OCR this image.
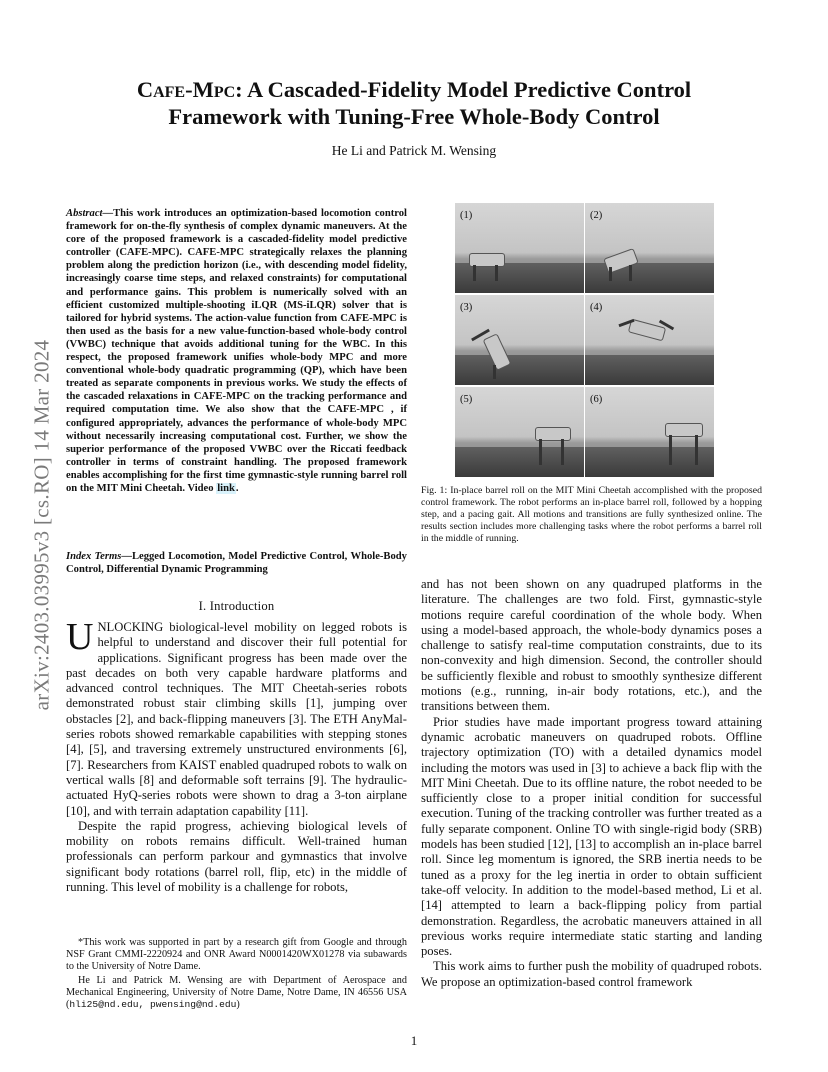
arXiv:2403.03995v3 [cs.RO] 14 Mar 2024
Cafe-Mpc: A Cascaded-Fidelity Model Predictive Control
Framework with Tuning-Free Whole-Body Control
He Li and Patrick M. Wensing
Abstract—This work introduces an optimization-based locomotion control framework for on-the-fly synthesis of complex dynamic maneuvers. At the core of the proposed framework is a cascaded-fidelity model predictive controller (CAFE-MPC). CAFE-MPC strategically relaxes the planning problem along the prediction horizon (i.e., with descending model fidelity, increasingly coarse time steps, and relaxed constraints) for computational and performance gains. This problem is numerically solved with an efficient customized multiple-shooting iLQR (MS-iLQR) solver that is tailored for hybrid systems. The action-value function from CAFE-MPC is then used as the basis for a new value-function-based whole-body control (VWBC) technique that avoids additional tuning for the WBC. In this respect, the proposed framework unifies whole-body MPC and more conventional whole-body quadratic programming (QP), which have been treated as separate components in previous works. We study the effects of the cascaded relaxations in CAFE-MPC on the tracking performance and required computation time. We also show that the CAFE-MPC , if configured appropriately, advances the performance of whole-body MPC without necessarily increasing computational cost. Further, we show the superior performance of the proposed VWBC over the Riccati feedback controller in terms of constraint handling. The proposed framework enables accomplishing for the first time gymnastic-style running barrel roll on the MIT Mini Cheetah. Video link.
Index Terms—Legged Locomotion, Model Predictive Control, Whole-Body Control, Differential Dynamic Programming
I. Introduction

UNLOCKING biological-level mobility on legged robots is helpful to understand and discover their full potential for applications. Significant progress has been made over the past decades on both very capable hardware platforms and advanced control techniques. The MIT Cheetah-series robots demonstrated robust stair climbing skills [1], jumping over obstacles [2], and back-flipping maneuvers [3]. The ETH AnyMal-series robots showed remarkable capabilities with stepping stones [4], [5], and traversing extremely unstructured environments [6], [7]. Researchers from KAIST enabled quadruped robots to walk on vertical walls [8] and deformable soft terrains [9]. The hydraulic-actuated HyQ-series robots were shown to drag a 3-ton airplane [10], and with terrain adaptation capability [11].

Despite the rapid progress, achieving biological levels of mobility on robots remains difficult. Well-trained human professionals can perform parkour and gymnastics that involve significant body rotations (barrel roll, flip, etc) in the middle of running. This level of mobility is a challenge for robots,

*This work was supported in part by a research gift from Google and through NSF Grant CMMI-2220924 and ONR Award N0001420WX01278 via subawards to the University of Notre Dame.

He Li and Patrick M. Wensing are with Department of Aerospace and Mechanical Engineering, University of Notre Dame, Notre Dame, IN 46556 USA (hli25@nd.edu, pwensing@nd.edu)

(1)	(2)
(3)	(4)
(5)	(6)
Fig. 1: In-place barrel roll on the MIT Mini Cheetah accomplished with the proposed control framework. The robot performs an in-place barrel roll, followed by a hopping step, and a pacing gait. All motions and transitions are fully synthesized online. The results section includes more challenging tasks where the robot performs a barrel roll in the middle of running.

and has not been shown on any quadruped platforms in the literature. The challenges are two fold. First, gymnastic-style motions require careful coordination of the whole body. When using a model-based approach, the whole-body dynamics poses a challenge to satisfy real-time computation constraints, due to its non-convexity and high dimension. Second, the controller should be sufficiently flexible and robust to smoothly synthesize different motions (e.g., running, in-air body rotations, etc.), and the transitions between them.

Prior studies have made important progress toward attaining dynamic acrobatic maneuvers on quadruped robots. Offline trajectory optimization (TO) with a detailed dynamics model including the motors was used in [3] to achieve a back flip with the MIT Mini Cheetah. Due to its offline nature, the robot needed to be sufficiently close to a proper initial condition for successful execution. Tuning of the tracking controller was further treated as a fully separate component. Online TO with single-rigid body (SRB) models has been studied [12], [13] to accomplish an in-place barrel roll. Since leg momentum is ignored, the SRB inertia needs to be tuned as a proxy for the leg inertia in order to obtain sufficient take-off velocity. In addition to the model-based method, Li et al. [14] attempted to learn a back-flipping policy from partial demonstration. Regardless, the acrobatic maneuvers attained in all previous works require intermediate static starting and landing poses.

This work aims to further push the mobility of quadruped robots. We propose an optimization-based control framework

1
